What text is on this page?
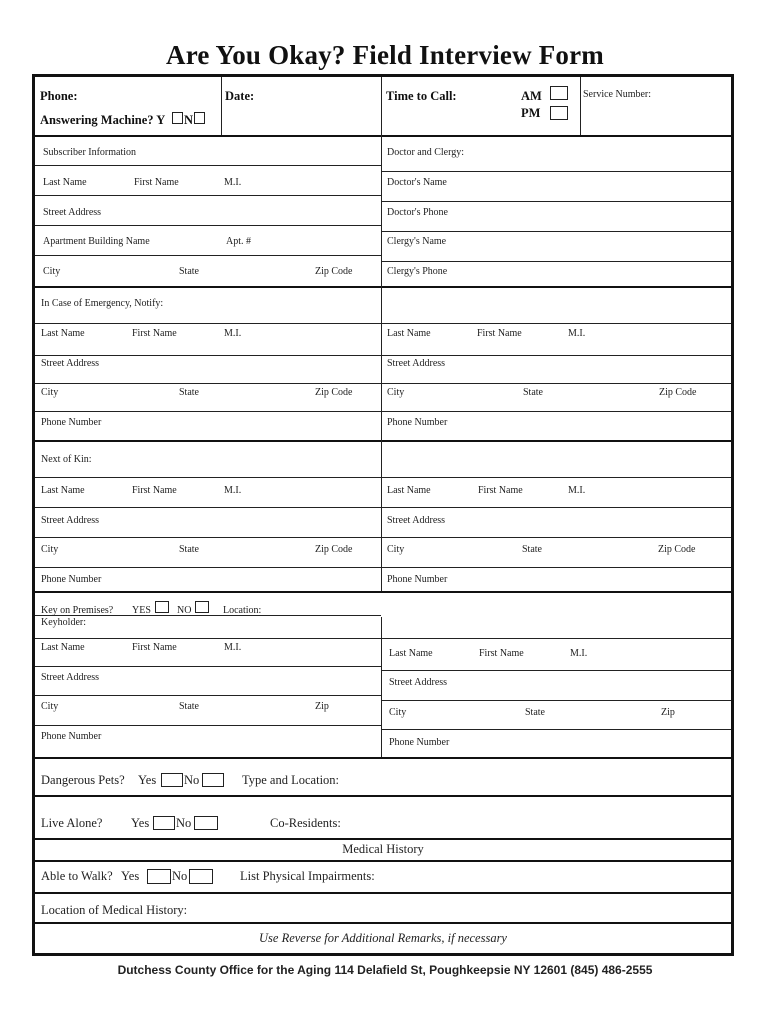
Are You Okay? Field Interview Form
Phone:	Date:	Time to Call:	AM
PM
Service Number:
Answering Machine? Y N
Subscriber Information
Last Name	First Name	M.I.
Street Address
Apartment Building Name	Apt. #
City	State	Zip Code
Doctor and Clergy:
Doctor's Name
Doctor's Phone
Clergy's Name
Clergy's Phone
In Case of Emergency, Notify:
Last Name	First Name	M.I.	Last Name	First Name	M.I.
Street Address	Street Address
City	State	Zip Code	City	State	Zip Code
Phone Number	Phone Number
Next of Kin:
Last Name	First Name	M.I.	Last Name	First Name	M.I.
Street Address	Street Address
City	State	Zip Code	City	State	Zip Code
Phone Number	Phone Number
Key on Premises? YES	NO	Location:
Keyholder:
Last Name	First Name	M.I.
Last Name	First Name	M.I.
Street Address	Street Address
City	State	Zip
City	State	Zip
Phone Number
Phone Number
Dangerous Pets? Yes No	Type and Location:
Live Alone? Yes No	Co-Residents:
Medical History
Able to Walk? Yes	No	List Physical Impairments:
Location of Medical History:
Use Reverse for Additional Remarks, if necessary
Dutchess County Office for the Aging 114 Delafield St, Poughkeepsie NY 12601 (845) 486-2555
